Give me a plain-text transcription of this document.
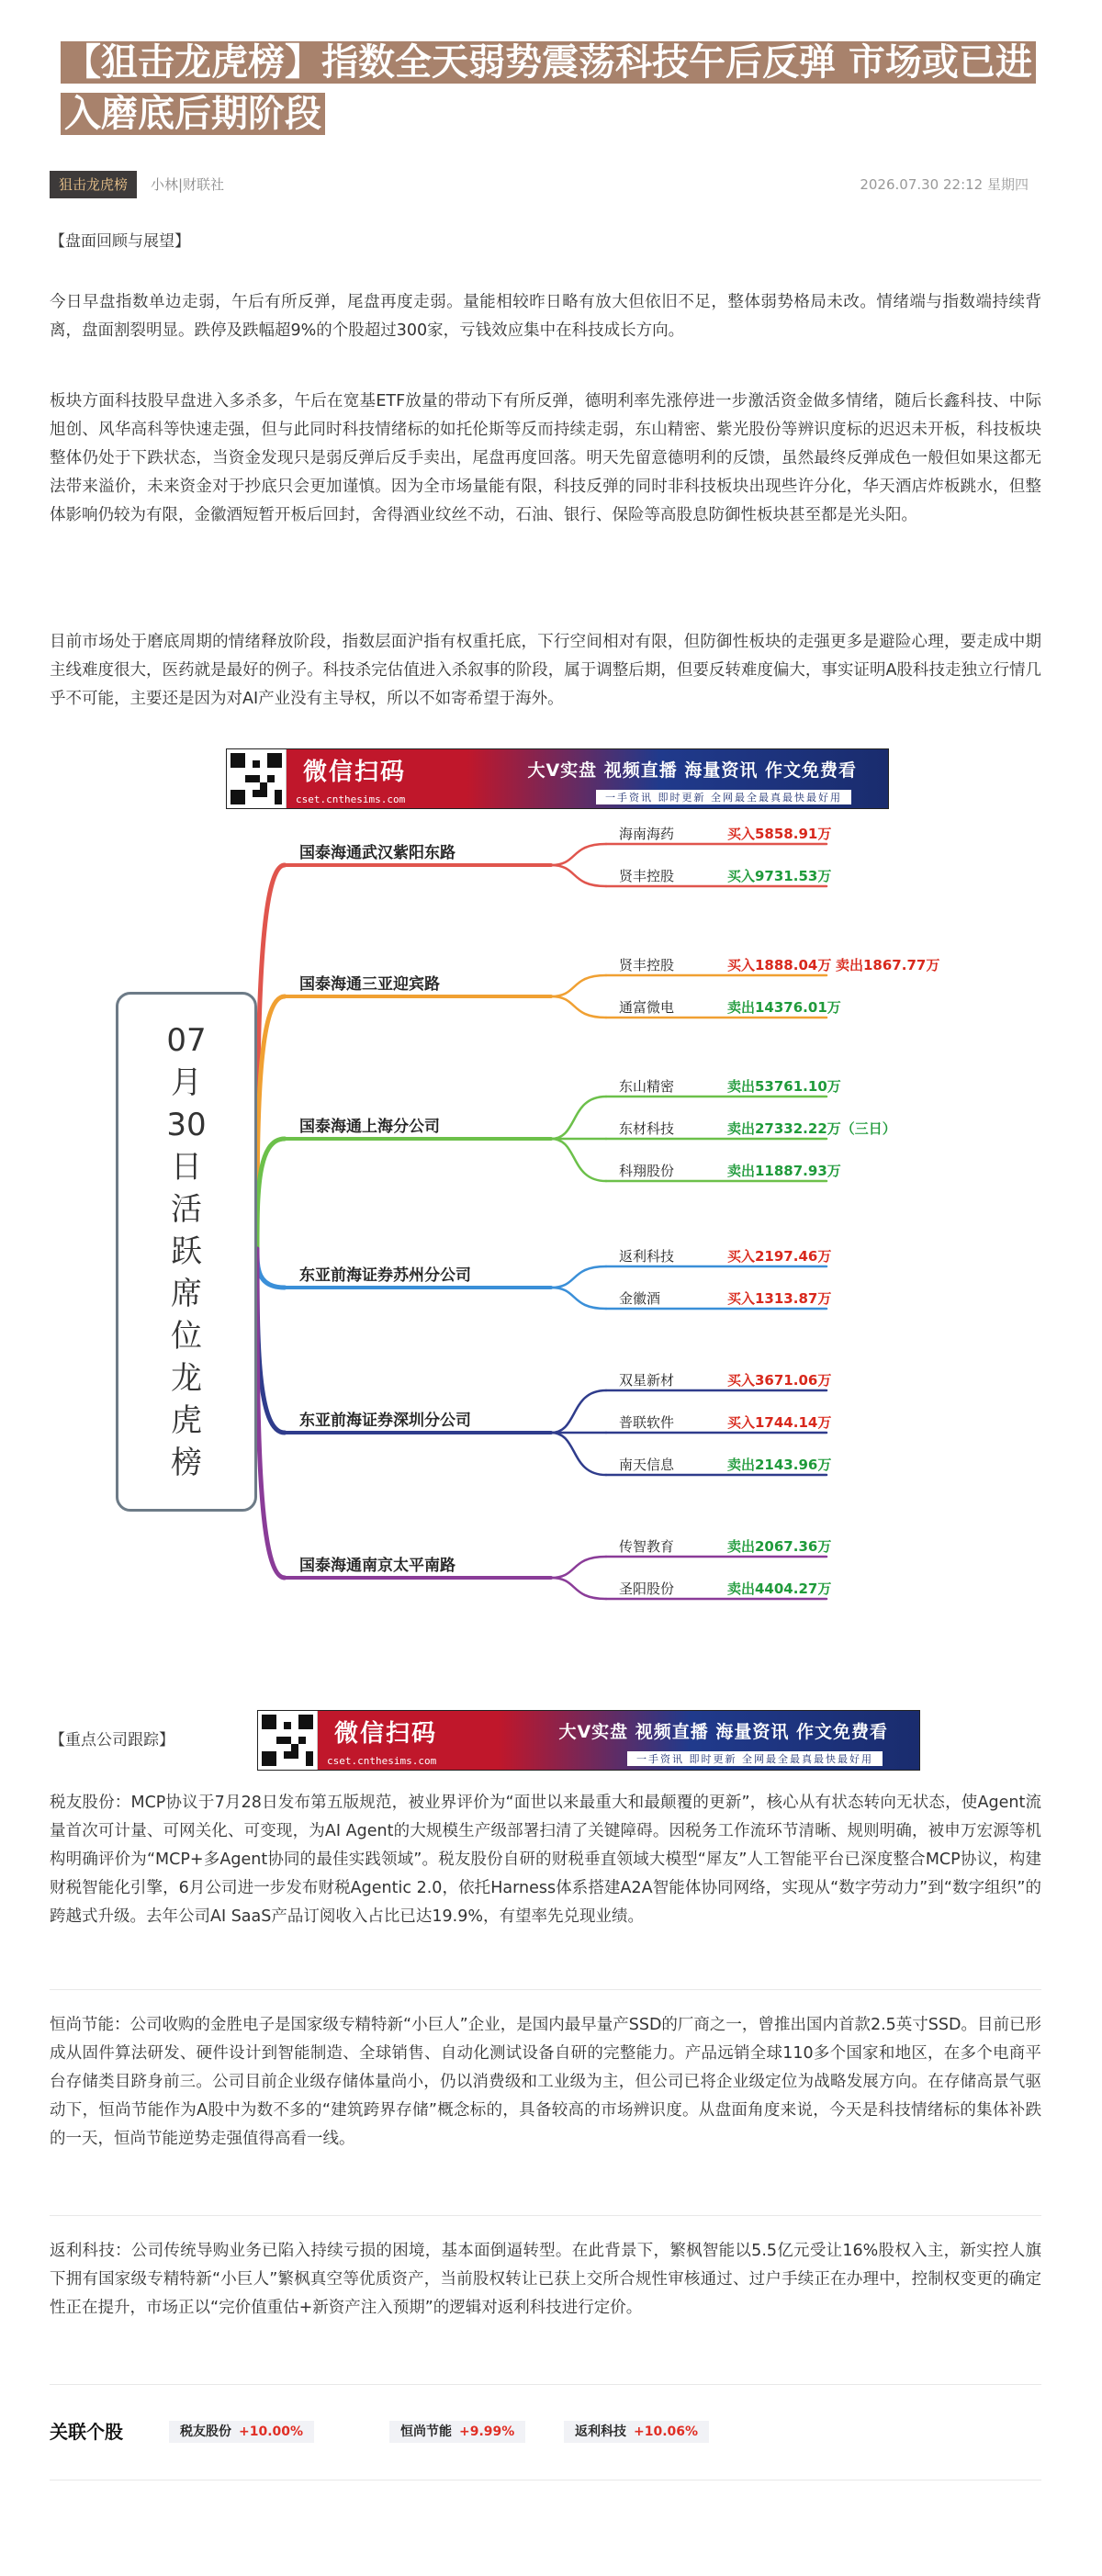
【狙击龙虎榜】指数全天弱势震荡科技午后反弹 市场或已进入磨底后期阶段
狙击龙虎榜	小林|财联社	2026.07.30 22:12 星期四
【盘面回顾与展望】

今日早盘指数单边走弱，午后有所反弹，尾盘再度走弱。量能相较昨日略有放大但依旧不足，整体弱势格局未改。情绪端与指数端持续背离，盘面割裂明显。跌停及跌幅超9%的个股超过300家，亏钱效应集中在科技成长方向。

板块方面科技股早盘进入多杀多，午后在宽基ETF放量的带动下有所反弹，德明利率先涨停进一步激活资金做多情绪，随后长鑫科技、中际旭创、风华高科等快速走强，但与此同时科技情绪标的如托伦斯等反而持续走弱，东山精密、紫光股份等辨识度标的迟迟未开板，科技板块整体仍处于下跌状态，当资金发现只是弱反弹后反手卖出，尾盘再度回落。明天先留意德明利的反馈，虽然最终反弹成色一般但如果这都无法带来溢价，未来资金对于抄底只会更加谨慎。因为全市场量能有限，科技反弹的同时非科技板块出现些许分化，华天酒店炸板跳水，但整体影响仍较为有限，金徽酒短暂开板后回封，舍得酒业纹丝不动，石油、银行、保险等高股息防御性板块甚至都是光头阳。

目前市场处于磨底周期的情绪释放阶段，指数层面沪指有权重托底，下行空间相对有限，但防御性板块的走强更多是避险心理，要走成中期主线难度很大，医药就是最好的例子。科技杀完估值进入杀叙事的阶段，属于调整后期，但要反转难度偏大，事实证明A股科技走独立行情几乎不可能，主要还是因为对AI产业没有主导权，所以不如寄希望于海外。

微信扫码
cset.cnthesims.com
大V实盘 视频直播 海量资讯 作文免费看
一手资讯 即时更新 全网最全最真最快最好用
07
月
30
日
活
跃
席
位
龙
虎
榜
国泰海通武汉紫阳东路
海南海药	买入5858.91万
贤丰控股	买入9731.53万
国泰海通三亚迎宾路
贤丰控股	买入1888.04万 卖出1867.77万
通富微电	卖出14376.01万
国泰海通上海分公司
东山精密	卖出53761.10万
东材科技	卖出27332.22万（三日）
科翔股份	卖出11887.93万
东亚前海证券苏州分公司
返利科技	买入2197.46万
金徽酒	买入1313.87万
东亚前海证券深圳分公司
双星新材	买入3671.06万
普联软件	买入1744.14万
南天信息	卖出2143.96万
国泰海通南京太平南路
传智教育	卖出2067.36万
圣阳股份	卖出4404.27万
【重点公司跟踪】	微信扫码
cset.cnthesims.com
大V实盘 视频直播 海量资讯 作文免费看
一手资讯 即时更新 全网最全最真最快最好用

税友股份：MCP协议于7月28日发布第五版规范，被业界评价为“面世以来最重大和最颠覆的更新”，核心从有状态转向无状态，使Agent流量首次可计量、可网关化、可变现，为AI Agent的大规模生产级部署扫清了关键障碍。因税务工作流环节清晰、规则明确，被申万宏源等机构明确评价为“MCP+多Agent协同的最佳实践领域”。税友股份自研的财税垂直领域大模型“犀友”人工智能平台已深度整合MCP协议，构建财税智能化引擎，6月公司进一步发布财税Agentic 2.0，依托Harness体系搭建A2A智能体协同网络，实现从“数字劳动力”到“数字组织”的跨越式升级。去年公司AI SaaS产品订阅收入占比已达19.9%，有望率先兑现业绩。

恒尚节能：公司收购的金胜电子是国家级专精特新“小巨人”企业，是国内最早量产SSD的厂商之一，曾推出国内首款2.5英寸SSD。目前已形成从固件算法研发、硬件设计到智能制造、全球销售、自动化测试设备自研的完整能力。产品远销全球110多个国家和地区，在多个电商平台存储类目跻身前三。公司目前企业级存储体量尚小，仍以消费级和工业级为主，但公司已将企业级定位为战略发展方向。在存储高景气驱动下，恒尚节能作为A股中为数不多的“建筑跨界存储”概念标的，具备较高的市场辨识度。从盘面角度来说，今天是科技情绪标的集体补跌的一天，恒尚节能逆势走强值得高看一线。

返利科技：公司传统导购业务已陷入持续亏损的困境，基本面倒逼转型。在此背景下，繁枫智能以5.5亿元受让16%股权入主，新实控人旗下拥有国家级专精特新“小巨人”繁枫真空等优质资产，当前股权转让已获上交所合规性审核通过、过户手续正在办理中，控制权变更的确定性正在提升，市场正以“完价值重估+新资产注入预期”的逻辑对返利科技进行定价。

关联个股	税友股份 +10.00%	恒尚节能 +9.99%	返利科技 +10.06%
